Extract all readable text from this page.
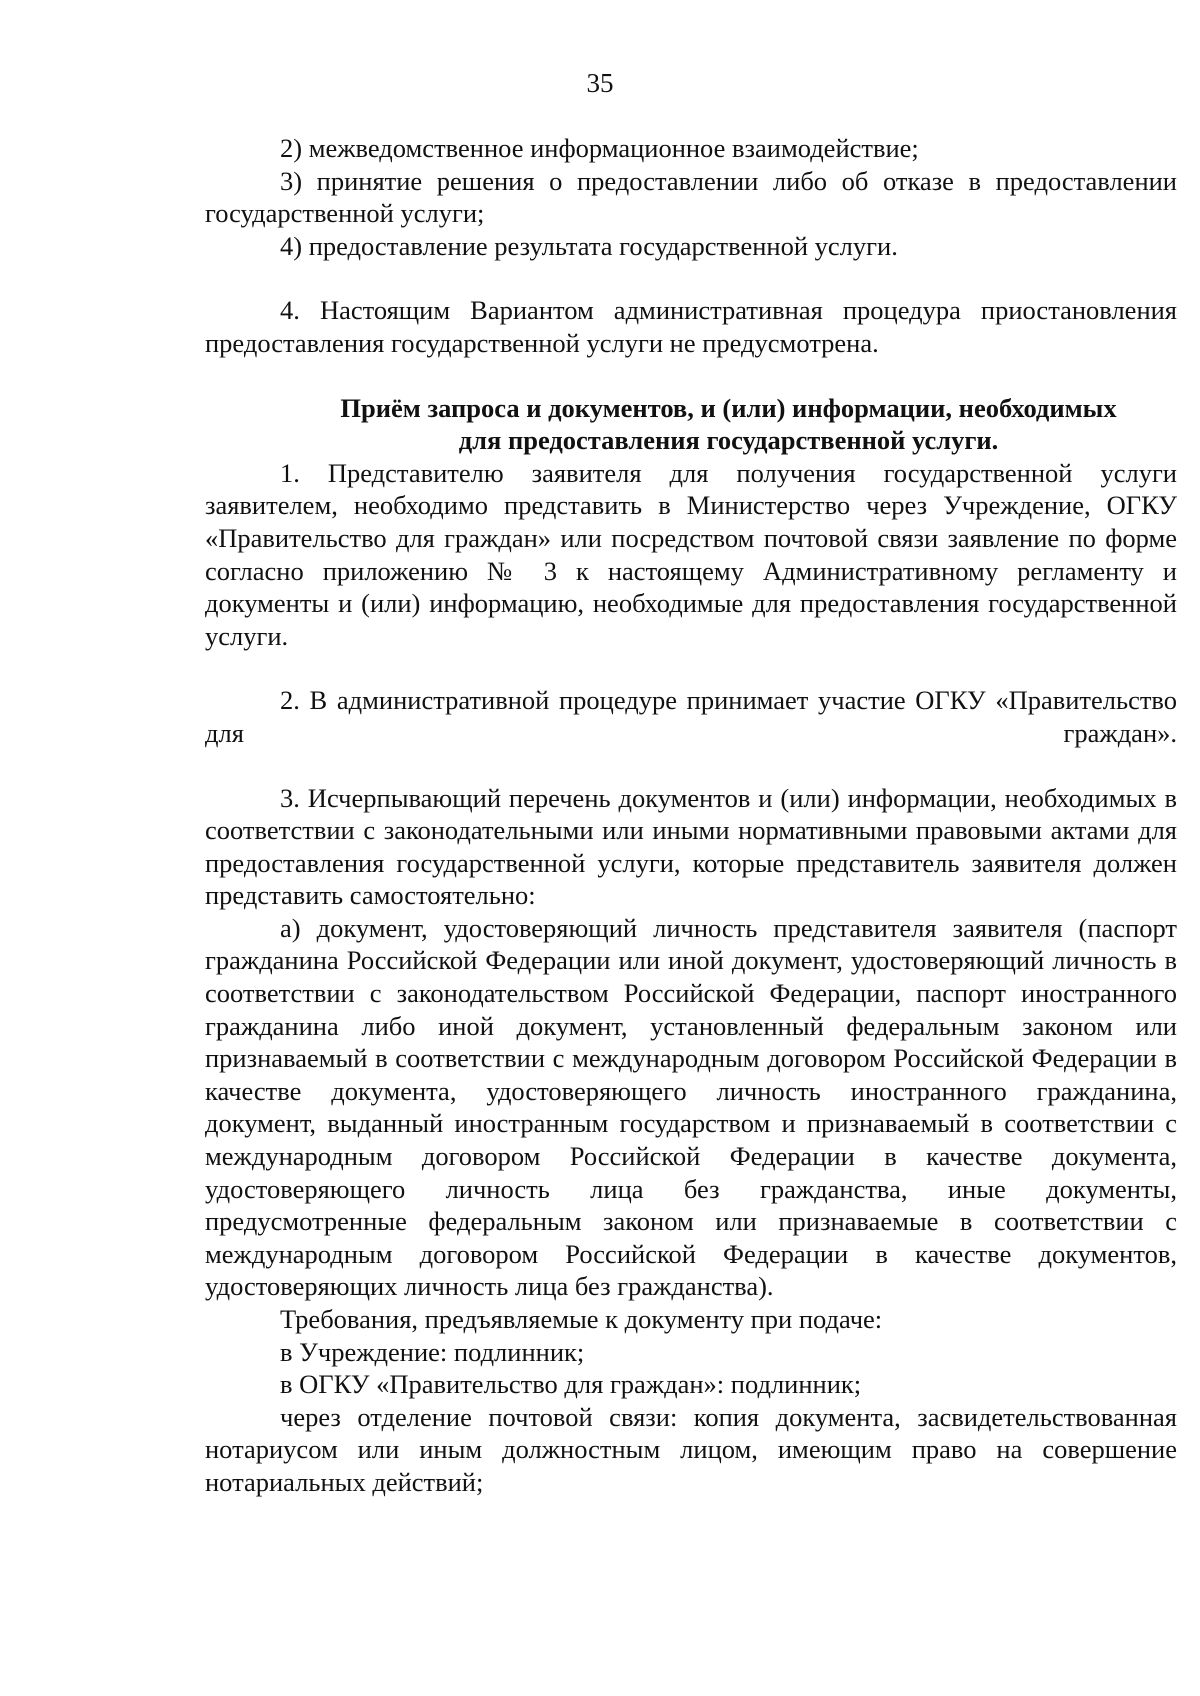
35

2) межведомственное информационное взаимодействие;

3) принятие решения о предоставлении либо об отказе в предоставлении государственной услуги;

4) предоставление результата государственной услуги.

4. Настоящим Вариантом административная процедура приостановления предоставления государственной услуги не предусмотрена.

Приём запроса и документов, и (или) информации, необходимых
для предоставления государственной услуги.

1. Представителю заявителя для получения государственной услуги заявителем, необходимо представить в Министерство через Учреждение, ОГКУ «Правительство для граждан» или посредством почтовой связи заявление по форме согласно приложению № 3 к настоящему Административному регламенту и документы и (или) информацию, необходимые для предоставления государственной услуги.

2. В административной процедуре принимает участие ОГКУ «Правительство для граждан».

3. Исчерпывающий перечень документов и (или) информации, необходимых в соответствии с законодательными или иными нормативными правовыми актами для предоставления государственной услуги, которые представитель заявителя должен представить самостоятельно:

а) документ, удостоверяющий личность представителя заявителя (паспорт гражданина Российской Федерации или иной документ, удостоверяющий личность в соответствии с законодательством Российской Федерации, паспорт иностранного гражданина либо иной документ, установленный федеральным законом или признаваемый в соответствии с международным договором Российской Федерации в качестве документа, удостоверяющего личность иностранного гражданина, документ, выданный иностранным государством и признаваемый в соответствии с международным договором Российской Федерации в качестве документа, удостоверяющего личность лица без гражданства, иные документы, предусмотренные федеральным законом или признаваемые в соответствии с международным договором Российской Федерации в качестве документов, удостоверяющих личность лица без гражданства).

Требования, предъявляемые к документу при подаче:

в Учреждение: подлинник;

в ОГКУ «Правительство для граждан»: подлинник;

через отделение почтовой связи: копия документа, засвидетельствованная нотариусом или иным должностным лицом, имеющим право на совершение нотариальных действий;
